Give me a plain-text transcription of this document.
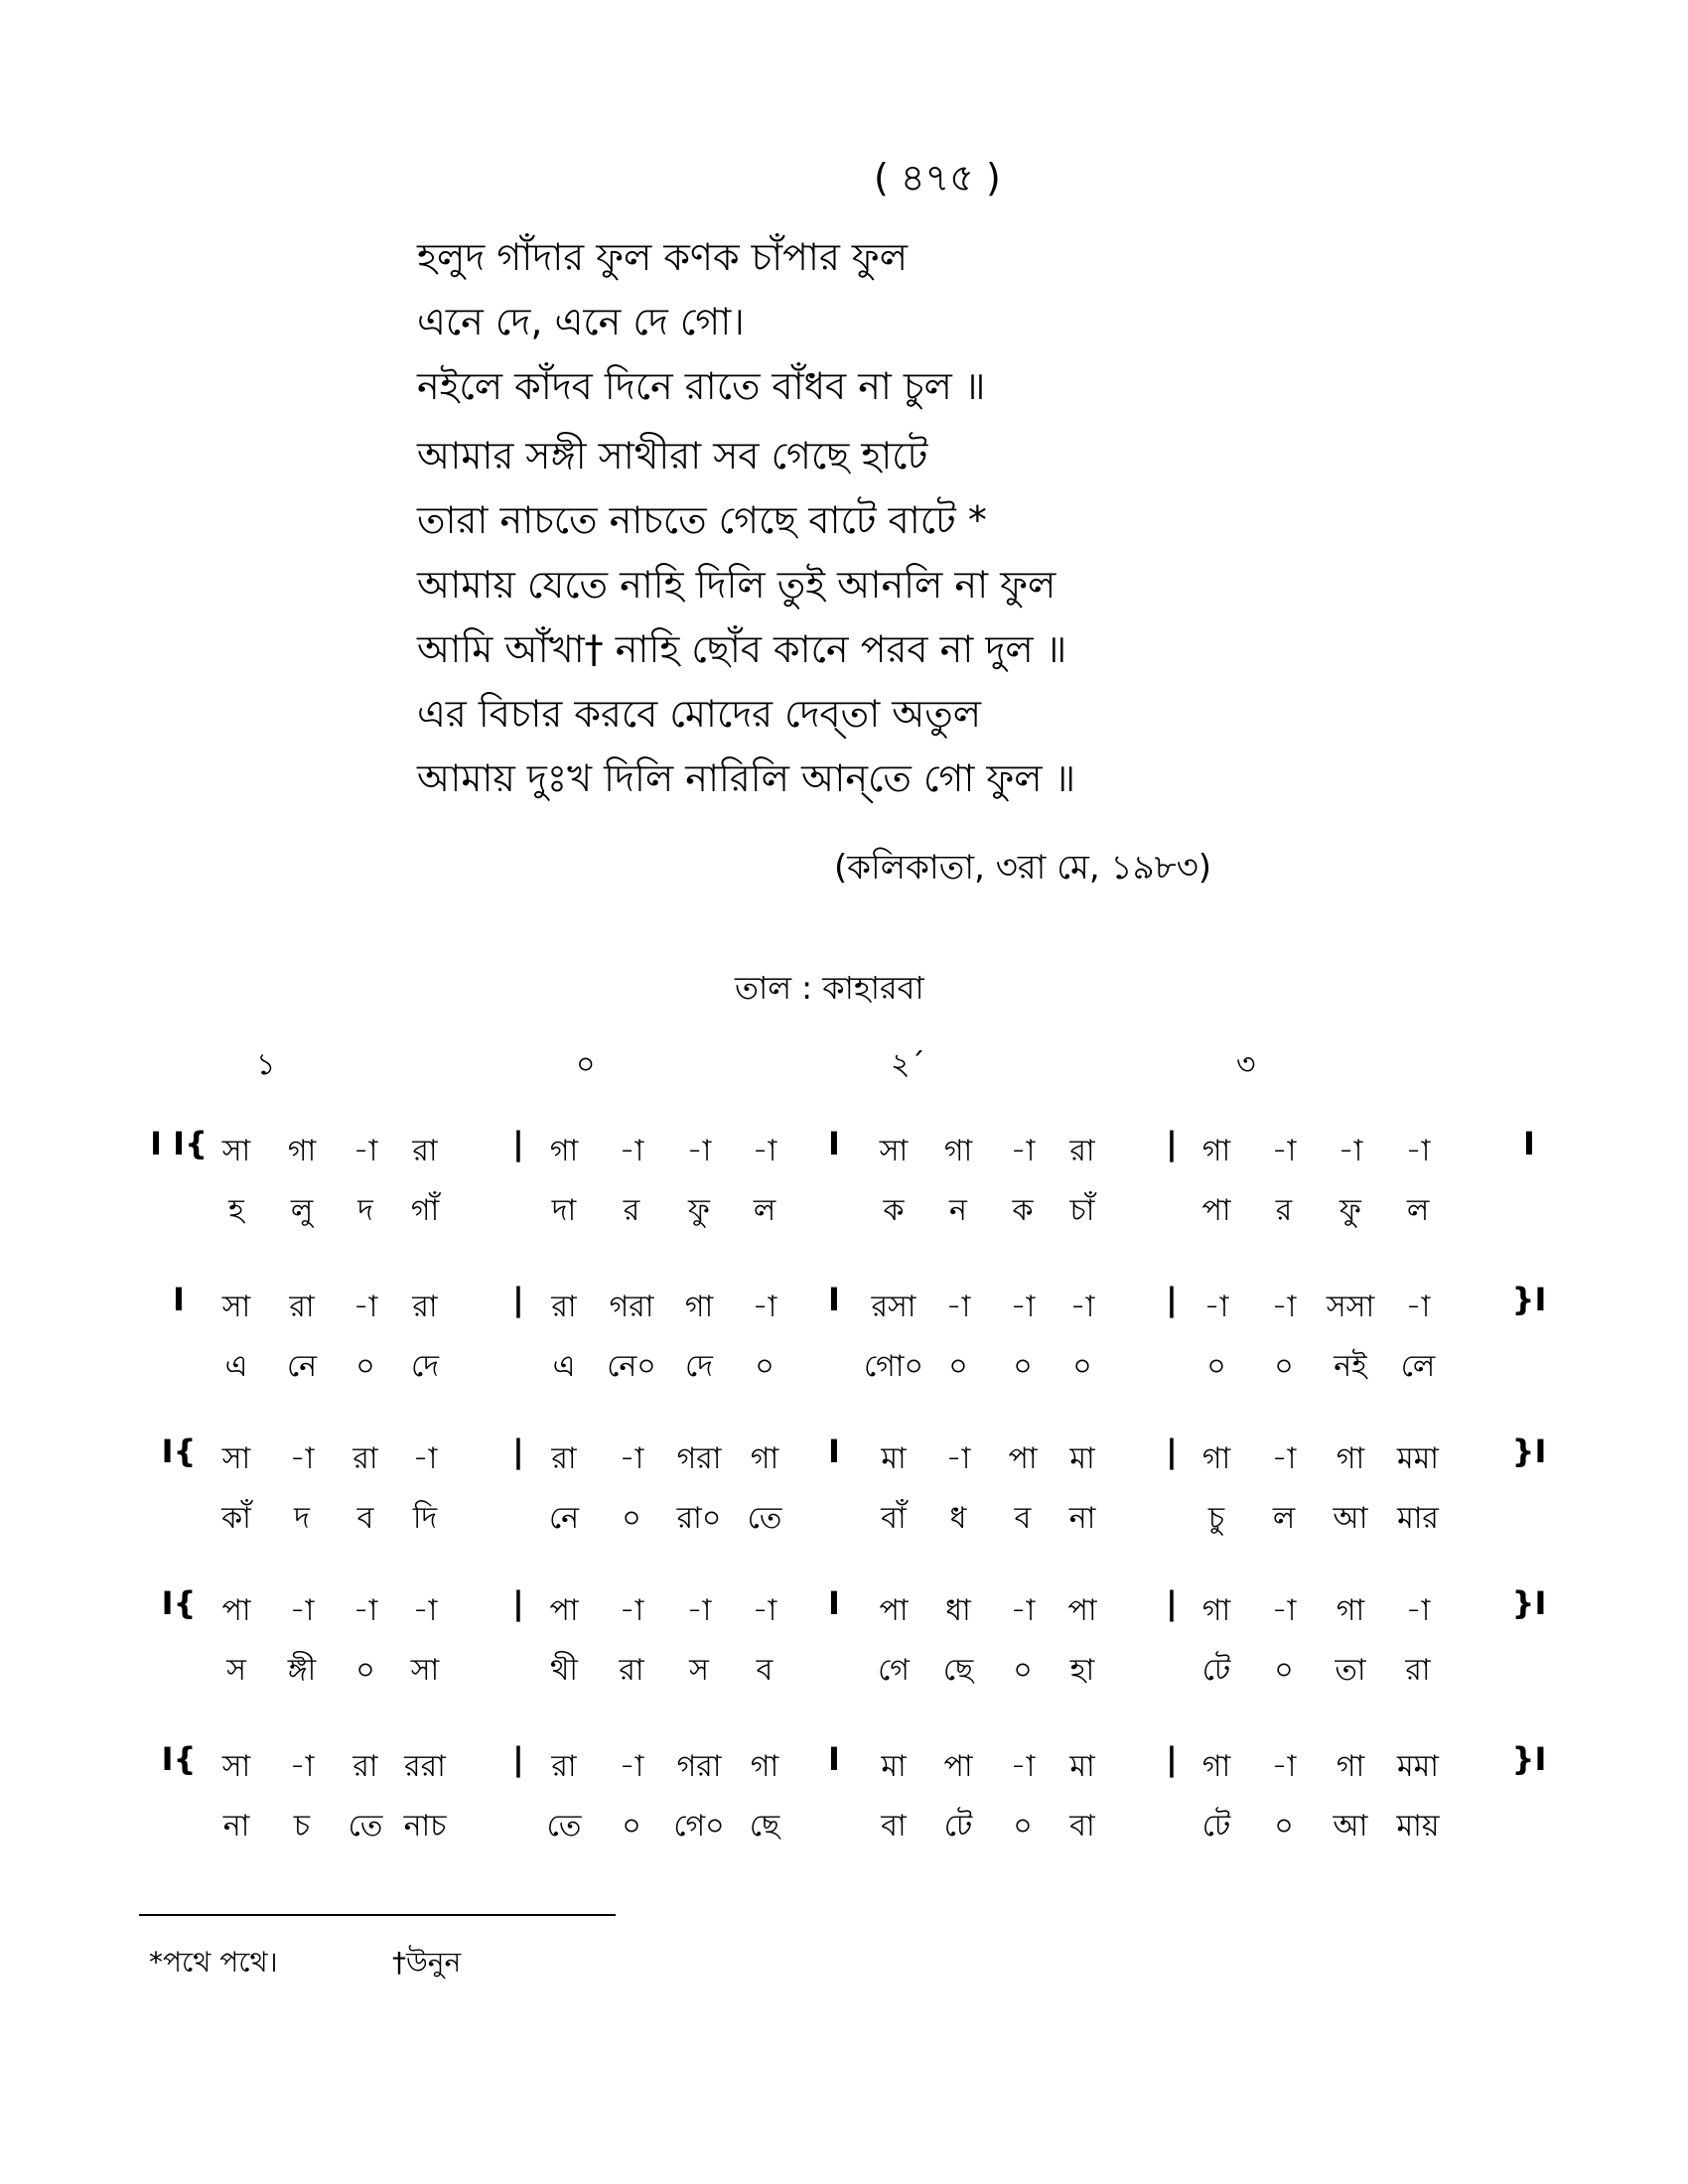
( ৪৭৫ )
হলুদ গাঁদার ফুল কণক চাঁপার ফুল
এনে দে, এনে দে গো।
নইলে কাঁদব দিনে রাতে বাঁধব না চুল ॥
আমার সঙ্গী সাথীরা সব গেছে হাটে
তারা নাচতে নাচতে গেছে বাটে বাটে *
আমায় যেতে নাহি দিলি তুই আনলি না ফুল
আমি আঁখা† নাহি ছোঁব কানে পরব না দুল ॥
এর বিচার করবে মোদের দেব্‌তা অতুল
আমায় দুঃখ দিলি নারিলি আন্‌তে গো ফুল ॥
(কলিকাতা, ৩রা মে, ১৯৮৩)
তাল : কাহারবা
১	০	২´	৩
I I{	|	I	|	I
সা গা -া রা	গা -া -া -া	সা গা -া রা	গা -া -া -া
হ লু দ গাঁ	দা র ফু ল	ক ন ক চাঁ	পা র ফু ল
I	|	I	|	}I
সা রা -া রা	রা গরা গা -া	রসা -া -া -া	-া -া সসা -া
এ নে ০ দে	এ নে০ দে ০	গো০ ০ ০ ০	০ ০ নই লে
I{	|	I	|	}I
সা -া রা -া	রা -া গরা গা	মা -া পা মা	গা -া গা মমা
কাঁ দ ব দি	নে ০ রা০ তে	বাঁ ধ ব না	চু ল আ মার
I{	|	I	|	}I
পা -া -া -া	পা -া -া -া	পা ধা -া পা	গা -া গা -া
স ঙ্গী ০ সা	থী রা স ব	গে ছে ০ হা	টে ০ তা রা
I{	|	I	|	}I
সা -া রা ররা	রা -া গরা গা	মা পা -া মা	গা -া গা মমা
না চ তে নাচ	তে ০ গে০ ছে	বা টে ০ বা	টে ০ আ মায়
*পথে পথে।	†উনুন
